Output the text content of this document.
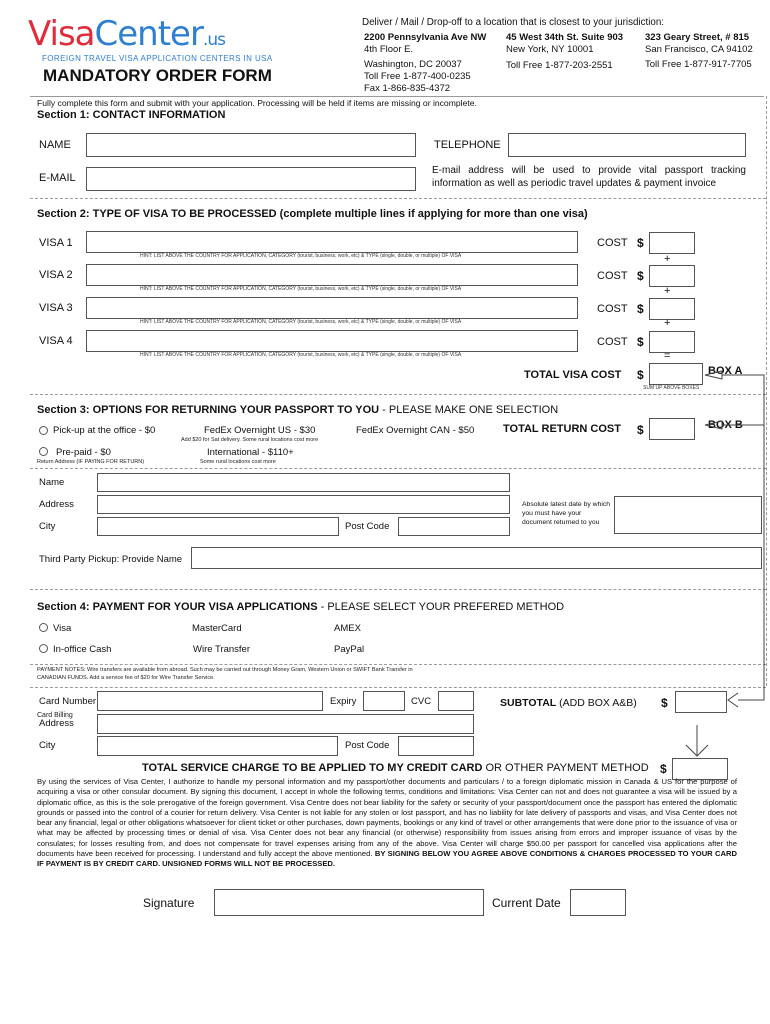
VisaCenter.us
FOREIGN TRAVEL VISA APPLICATION CENTERS IN USA
MANDATORY ORDER FORM
Deliver / Mail / Drop-off to a location that is closest to your jurisdiction:
2200 Pennsylvania Ave NW
4th Floor E.
Washington, DC 20037
Toll Free 1-877-400-0235
Fax 1-866-835-4372
45 West 34th St. Suite 903
New York, NY 10001
Toll Free 1-877-203-2551
323 Geary Street, # 815
San Francisco, CA 94102
Toll Free 1-877-917-7705
Fully complete this form and submit with your application. Processing will be held if items are missing or incomplete.
Section 1: CONTACT INFORMATION
NAME	TELEPHONE
E-MAIL
E-mail address will be used to provide vital passport tracking information as well as periodic travel updates & payment invoice
Section 2: TYPE OF VISA TO BE PROCESSED (complete multiple lines if applying for more than one visa)
VISA 1
HINT: LIST ABOVE THE COUNTRY FOR APPLICATION, CATEGORY (tourist, business, work, etc) & TYPE (single, double, or multiple) OF VISA
COST $
+
VISA 2
HINT: LIST ABOVE THE COUNTRY FOR APPLICATION, CATEGORY (tourist, business, work, etc) & TYPE (single, double, or multiple) OF VISA
COST $
+
VISA 3
HINT: LIST ABOVE THE COUNTRY FOR APPLICATION, CATEGORY (tourist, business, work, etc) & TYPE (single, double, or multiple) OF VISA
COST $
+
VISA 4
HINT: LIST ABOVE THE COUNTRY FOR APPLICATION, CATEGORY (tourist, business, work, etc) & TYPE (single, double, or multiple) OF VISA
COST $
=
TOTAL VISA COST $
SUM UP ABOVE BOXES
BOX A
Section 3: OPTIONS FOR RETURNING YOUR PASSPORT TO YOU - PLEASE MAKE ONE SELECTION
Pick-up at the office - $0	FedEx Overnight US - $30
Add $20 for Sat delivery. Some rural locations cost more
FedEx Overnight CAN - $50	TOTAL RETURN COST $	BOX B
Pre-paid - $0
Return Address (IF PAYING FOR RETURN)
International - $110+
Some rural locations cost more
Name
Address
City	Post Code
Absolute latest date by which you must have your document returned to you
Third Party Pickup: Provide Name
Section 4: PAYMENT FOR YOUR VISA APPLICATIONS - PLEASE SELECT YOUR PREFERED METHOD
Visa	MasterCard	AMEX
In-office Cash	Wire Transfer	PayPal
PAYMENT NOTES: Wire transfers are available from abroad. Such may be carried out through Money Gram, Western Union or SWIFT Bank Transfer in CANADIAN FUNDS. Add a service fee of $20 for Wire Transfer Service.
Card Number	Expiry	CVC	SUBTOTAL (ADD BOX A&B) $
Card Billing
Address
City	Post Code
TOTAL SERVICE CHARGE TO BE APPLIED TO MY CREDIT CARD OR OTHER PAYMENT METHOD $
By using the services of Visa Center, I authorize to handle my personal information and my passport/other documents and particulars / to a foreign diplomatic mission in Canada & US for the purpose of acquiring a visa or other consular document. By signing this document, I accept in whole the following terms, conditions and limitations: Visa Center can not and does not guarantee a visa will be issued by a diplomatic office, as this is the sole prerogative of the foreign government. Visa Centre does not bear liability for the safety or security of your passport/document once the passport has entered the diplomatic grounds or passed into the control of a courier for return delivery. Visa Center is not liable for any stolen or lost passport, and has no liability for late delivery of passports and visas, and Visa Center does not bear any financial, legal or other obligations whatsoever for client ticket or other purchases, down payments, bookings or any kind of travel or other arrangements that were done prior to the issuance of visa or what may be affected by processing times or denial of visa. Visa Center does not bear any financial (or otherwise) responsibility from issues arising from errors and improper issuance of visas by the consulates; for losses resulting from, and does not compensate for travel expenses arising from any of the above. Visa Center will charge $50.00 per passport for cancelled visa applications after the documents have been received for processing. I understand and fully accept the above mentioned. BY SIGNING BELOW YOU AGREE ABOVE CONDITIONS & CHARGES PROCESSED TO YOUR CARD IF PAYMENT IS BY CREDIT CARD. UNSIGNED FORMS WILL NOT BE PROCESSED.
Signature	Current Date
